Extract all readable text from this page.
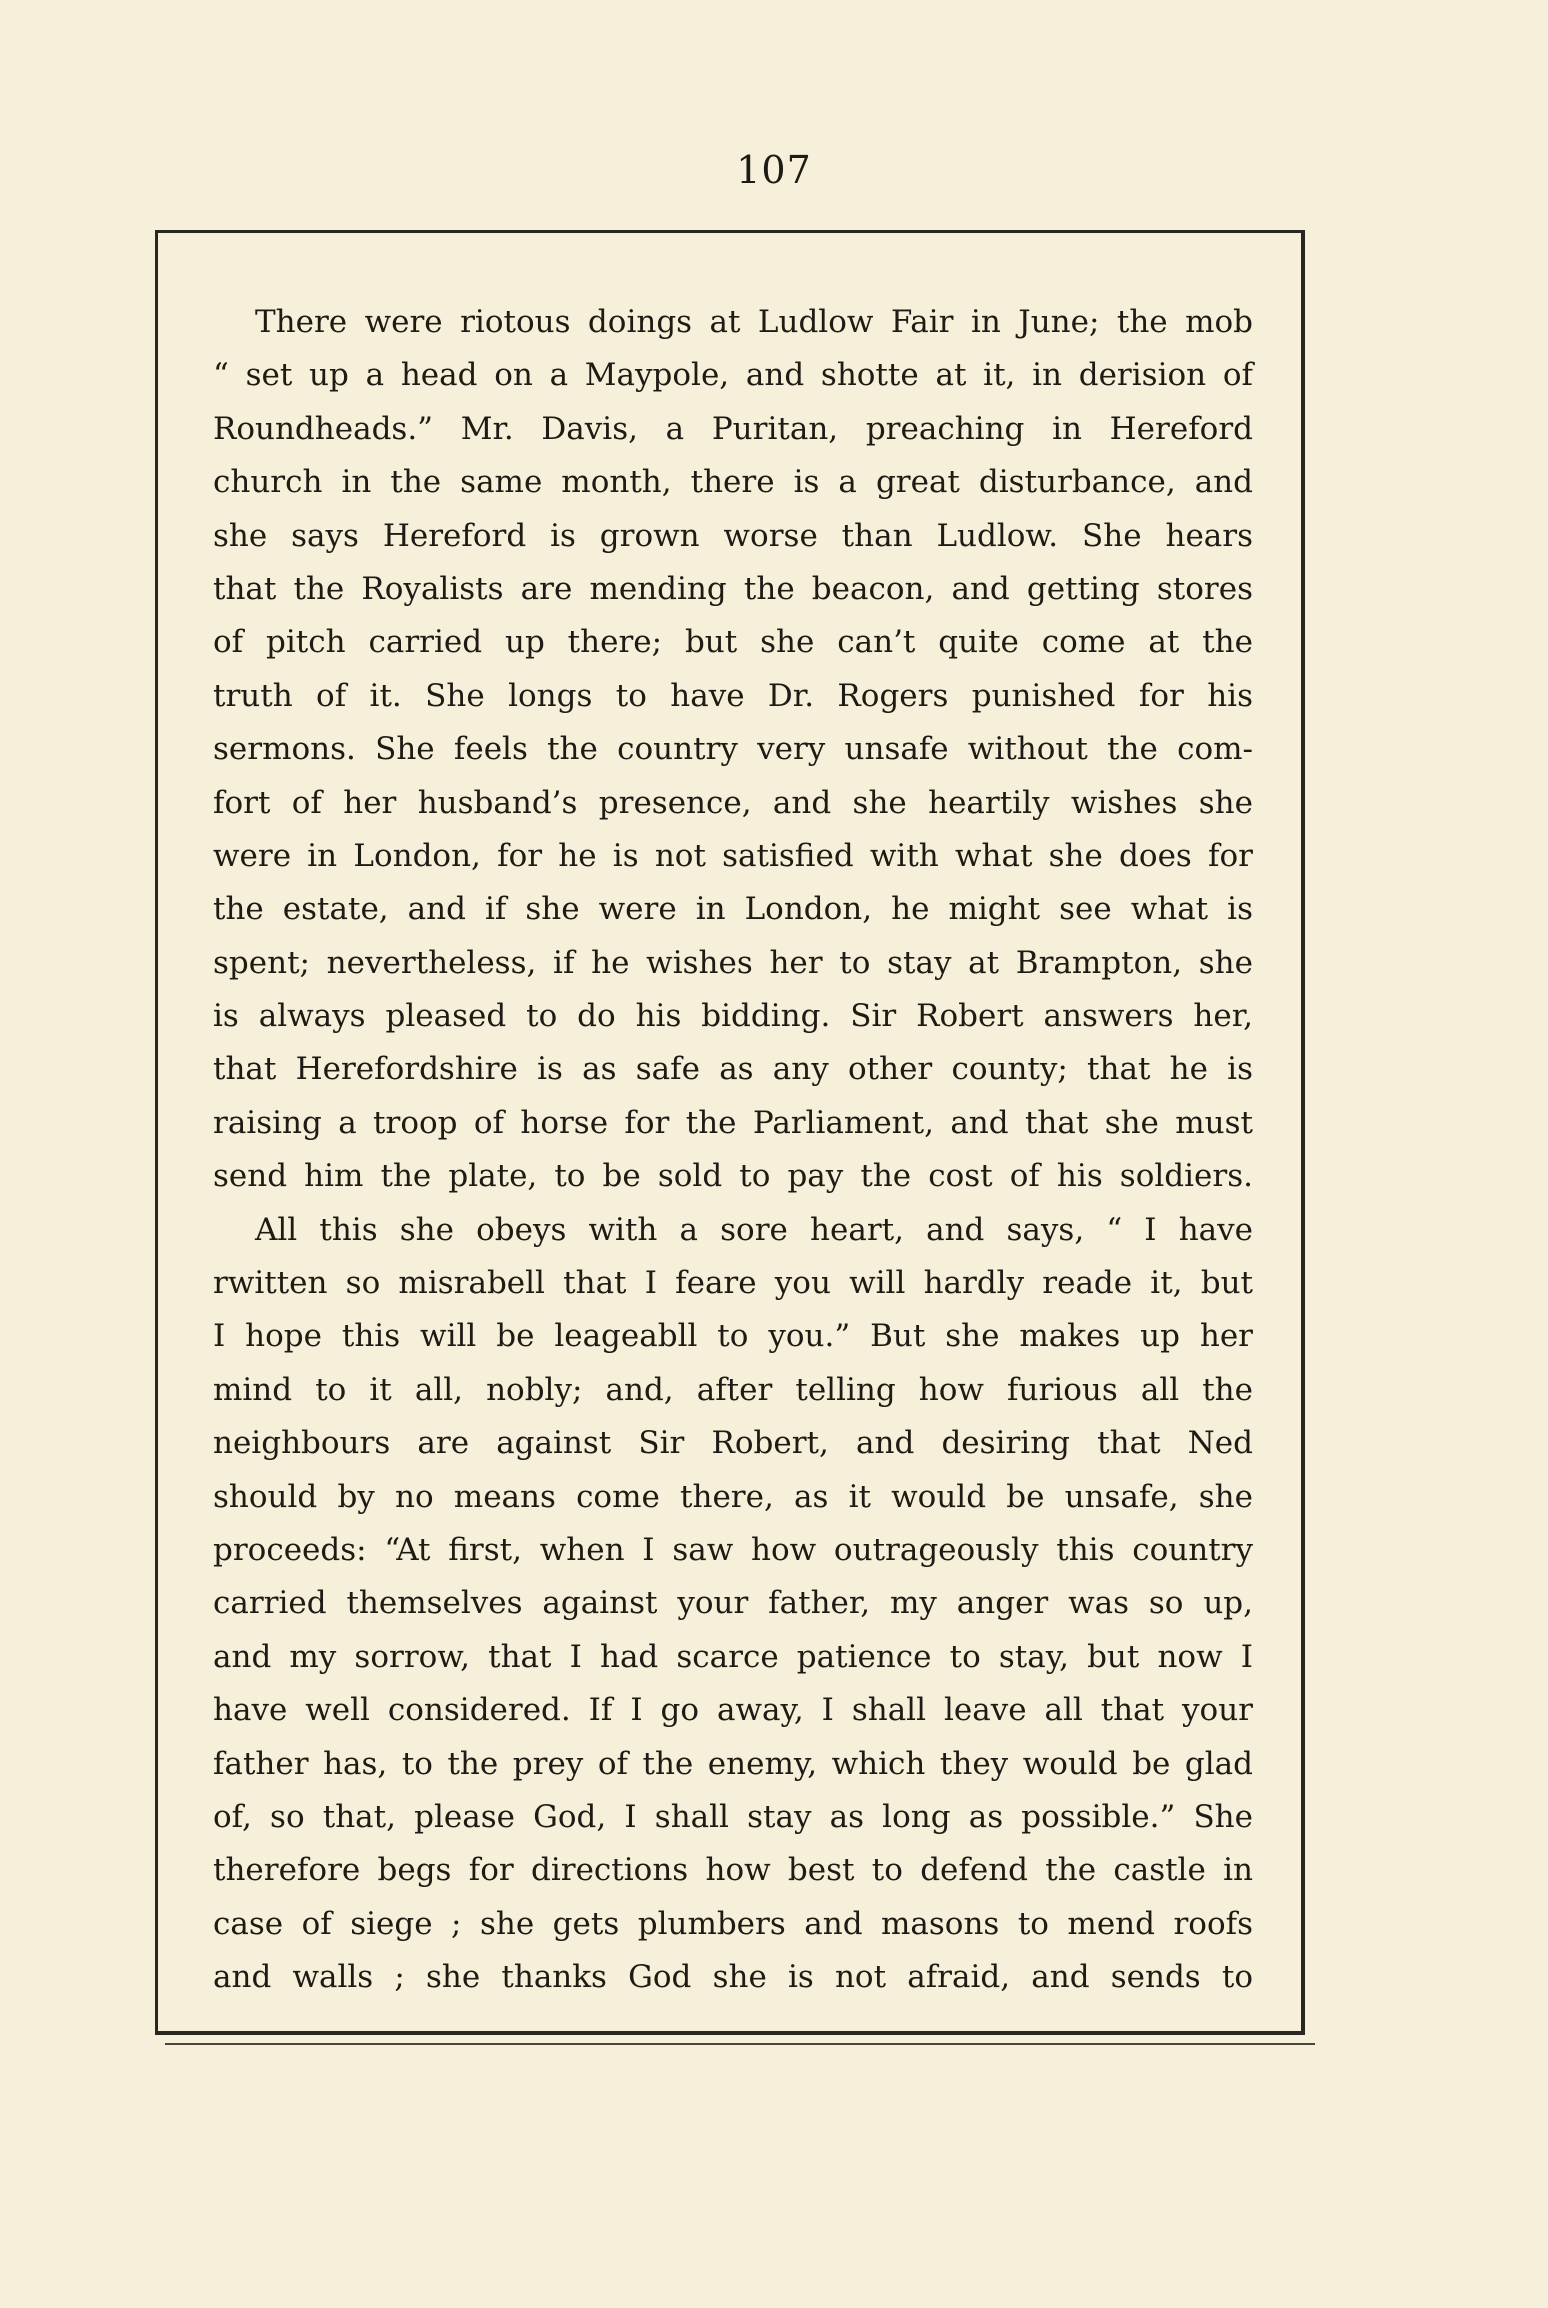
107
There were riotous doings at Ludlow Fair in June; the mob
“ set up a head on a Maypole, and shotte at it, in derision of
Roundheads.” Mr. Davis, a Puritan, preaching in Hereford
church in the same month, there is a great disturbance, and
she says Hereford is grown worse than Ludlow. She hears
that the Royalists are mending the beacon, and getting stores
of pitch carried up there; but she can’t quite come at the
truth of it. She longs to have Dr. Rogers punished for his
sermons. She feels the country very unsafe without the com-
fort of her husband’s presence, and she heartily wishes she
were in London, for he is not satisfied with what she does for
the estate, and if she were in London, he might see what is
spent; nevertheless, if he wishes her to stay at Brampton, she
is always pleased to do his bidding. Sir Robert answers her,
that Herefordshire is as safe as any other county; that he is
raising a troop of horse for the Parliament, and that she must
send him the plate, to be sold to pay the cost of his soldiers.
All this she obeys with a sore heart, and says, “ I have
rwitten so misrabell that I feare you will hardly reade it, but
I hope this will be leageabll to you.” But she makes up her
mind to it all, nobly; and, after telling how furious all the
neighbours are against Sir Robert, and desiring that Ned
should by no means come there, as it would be unsafe, she
proceeds: “At first, when I saw how outrageously this country
carried themselves against your father, my anger was so up,
and my sorrow, that I had scarce patience to stay, but now I
have well considered. If I go away, I shall leave all that your
father has, to the prey of the enemy, which they would be glad
of, so that, please God, I shall stay as long as possible.” She
therefore begs for directions how best to defend the castle in
case of siege ; she gets plumbers and masons to mend roofs
and walls ; she thanks God she is not afraid, and sends to
